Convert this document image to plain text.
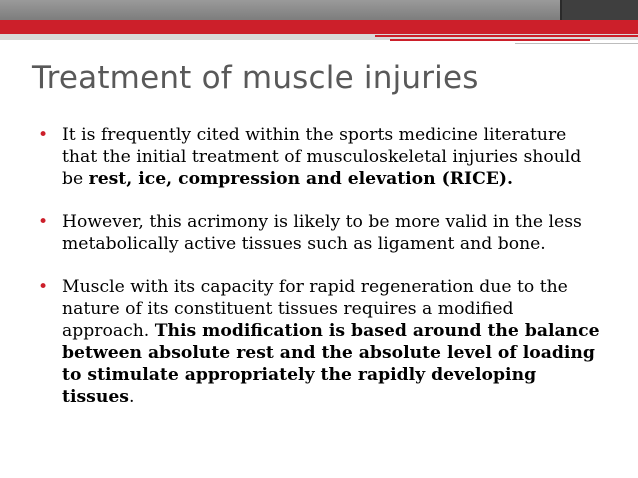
Treatment of muscle injuries
• It is frequently cited within the sports medicine literature that the initial treatment of musculoskeletal injuries should be rest, ice, compression and elevation (RICE).
• However, this acrimony is likely to be more valid in the less metabolically active tissues such as ligament and bone.
• Muscle with its capacity for rapid regeneration due to the nature of its constituent tissues requires a modified approach. This modification is based around the balance between absolute rest and the absolute level of loading to stimulate appropriately the rapidly developing tissues.
